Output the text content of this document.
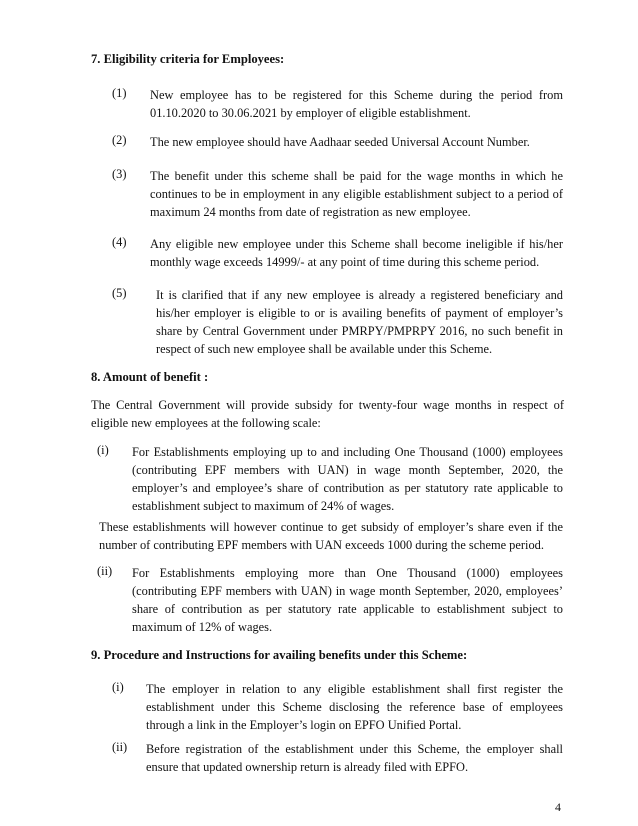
7. Eligibility criteria for Employees:
(1) New employee has to be registered for this Scheme during the period from 01.10.2020 to 30.06.2021 by employer of eligible establishment.
(2) The new employee should have Aadhaar seeded Universal Account Number.
(3) The benefit under this scheme shall be paid for the wage months in which he continues to be in employment in any eligible establishment subject to a period of maximum 24 months from date of registration as new employee.
(4) Any eligible new employee under this Scheme shall become ineligible if his/her monthly wage exceeds 14999/- at any point of time during this scheme period.
(5) It is clarified that if any new employee is already a registered beneficiary and his/her employer is eligible to or is availing benefits of payment of employer’s share by Central Government under PMRPY/PMPRPY 2016, no such benefit in respect of such new employee shall be available under this Scheme.
8. Amount of benefit :
The Central Government will provide subsidy for twenty-four wage months in respect of eligible new employees at the following scale:
(i) For Establishments employing up to and including One Thousand (1000) employees (contributing EPF members with UAN) in wage month September, 2020, the employer’s and employee’s share of contribution as per statutory rate applicable to establishment subject to maximum of 24% of wages.
These establishments will however continue to get subsidy of employer’s share even if the number of contributing EPF members with UAN exceeds 1000 during the scheme period.
(ii) For Establishments employing more than One Thousand (1000) employees (contributing EPF members with UAN) in wage month September, 2020, employees’ share of contribution as per statutory rate applicable to establishment subject to maximum of 12% of wages.
9. Procedure and Instructions for availing benefits under this Scheme:
(i) The employer in relation to any eligible establishment shall first register the establishment under this Scheme disclosing the reference base of employees through a link in the Employer’s login on EPFO Unified Portal.
(ii) Before registration of the establishment under this Scheme, the employer shall ensure that updated ownership return is already filed with EPFO.
4
